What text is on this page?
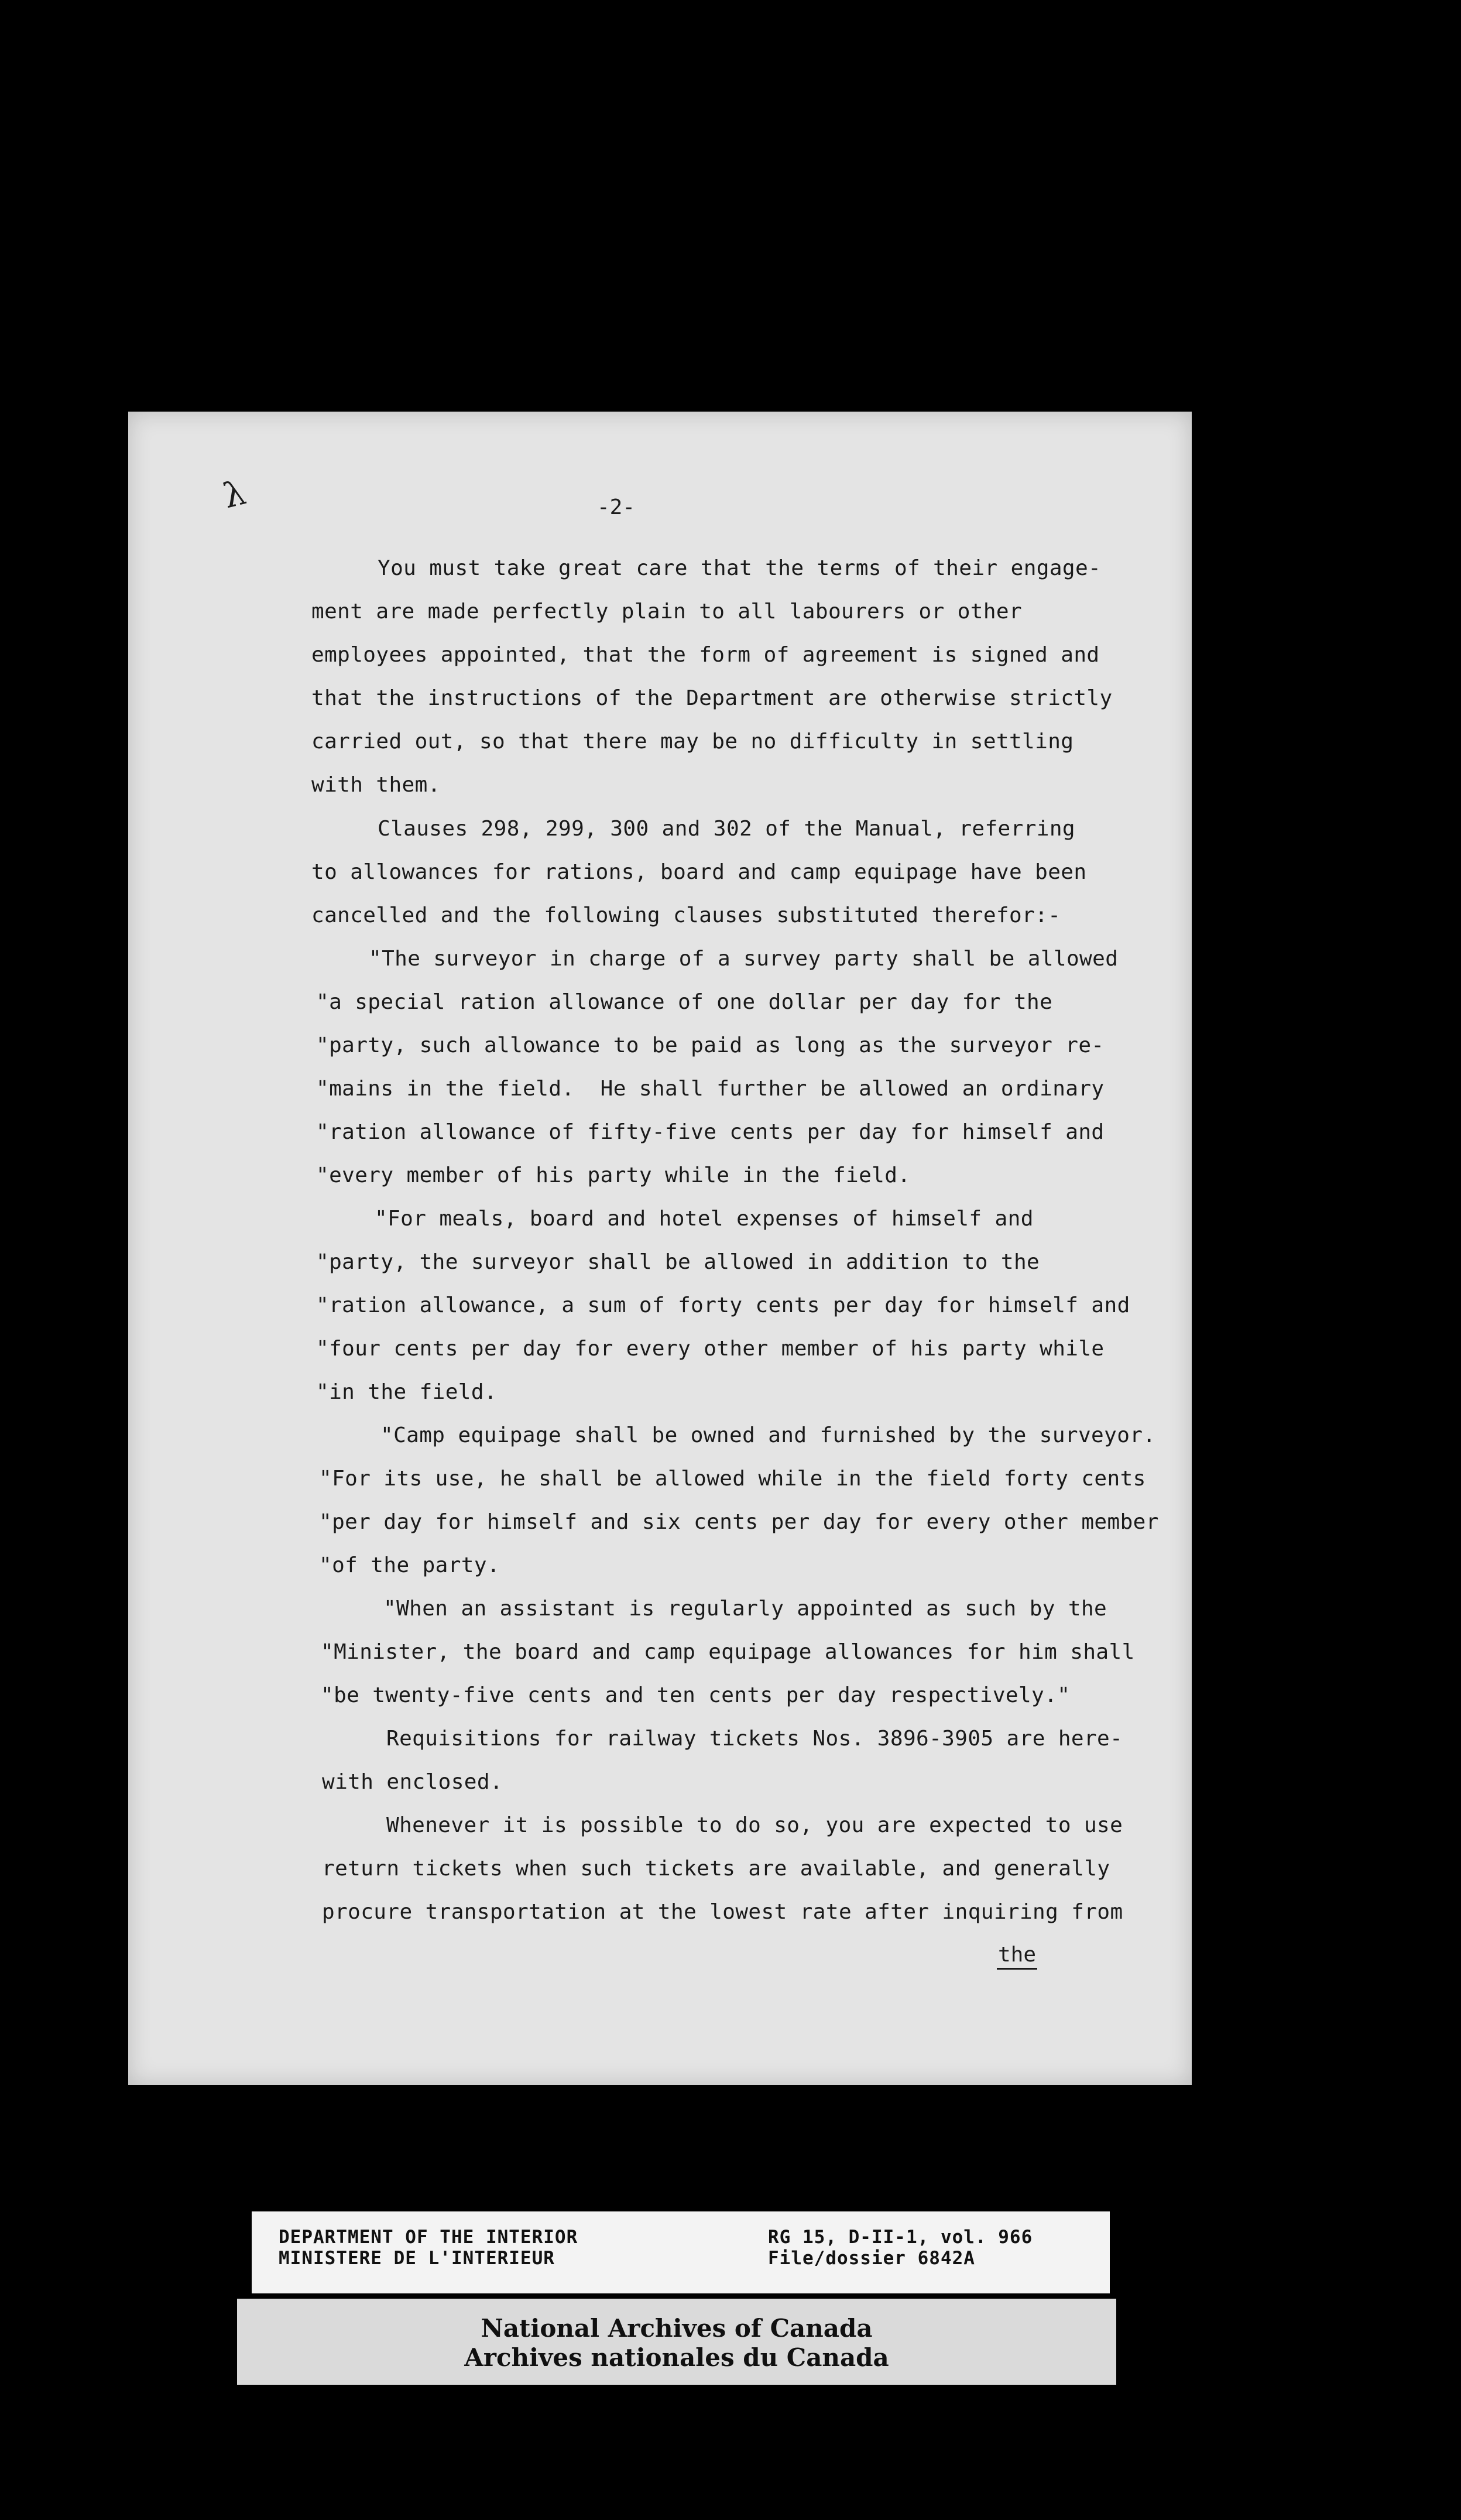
λ	-2-
You must take great care that the terms of their engage-
ment are made perfectly plain to all labourers or other
employees appointed, that the form of agreement is signed and
that the instructions of the Department are otherwise strictly
carried out, so that there may be no difficulty in settling
with them.
Clauses 298, 299, 300 and 302 of the Manual, referring
to allowances for rations, board and camp equipage have been
cancelled and the following clauses substituted therefor:-
"The surveyor in charge of a survey party shall be allowed
"a special ration allowance of one dollar per day for the
"party, such allowance to be paid as long as the surveyor re-
"mains in the field.  He shall further be allowed an ordinary
"ration allowance of fifty-five cents per day for himself and
"every member of his party while in the field.
"For meals, board and hotel expenses of himself and
"party, the surveyor shall be allowed in addition to the
"ration allowance, a sum of forty cents per day for himself and
"four cents per day for every other member of his party while
"in the field.
"Camp equipage shall be owned and furnished by the surveyor.
"For its use, he shall be allowed while in the field forty cents
"per day for himself and six cents per day for every other member
"of the party.
"When an assistant is regularly appointed as such by the
"Minister, the board and camp equipage allowances for him shall
"be twenty-five cents and ten cents per day respectively."
Requisitions for railway tickets Nos. 3896-3905 are here-
with enclosed.
Whenever it is possible to do so, you are expected to use
return tickets when such tickets are available, and generally
procure transportation at the lowest rate after inquiring from
the
DEPARTMENT OF THE INTERIOR
MINISTERE DE L'INTERIEUR
RG 15, D-II-1, vol. 966
File/dossier 6842A
National Archives of Canada
Archives nationales du Canada
